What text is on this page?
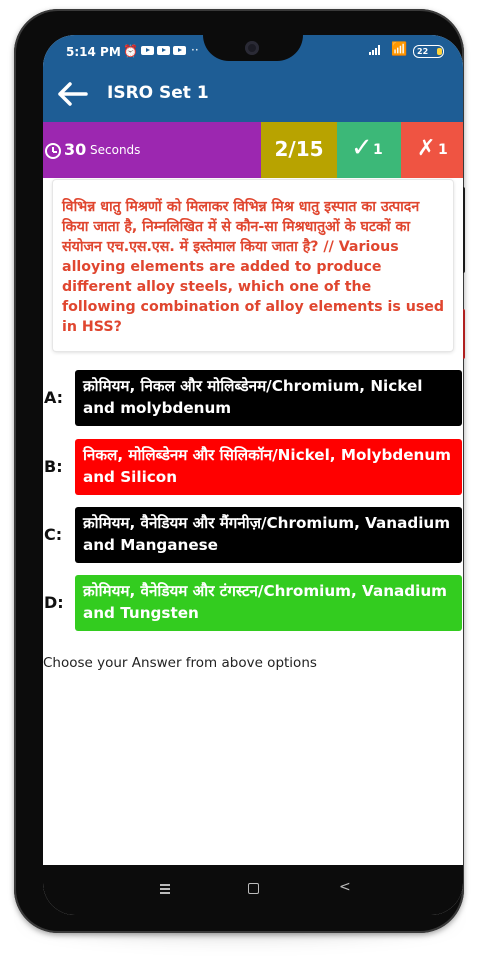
5:14 PM ⏰	··	📶	22
ISRO Set 1
30 Seconds	2/15	✓ 1 ✗ 1
विभिन्न धातु मिश्रणों को मिलाकर विभिन्न मिश्र धातु इस्पात का उत्पादन किया जाता है, निम्नलिखित में से कौन-सा मिश्रधातुओं के घटकों का संयोजन एच.एस.एस. में इस्तेमाल किया जाता है? // Various alloying elements are added to produce different alloy steels, which one of the following combination of alloy elements is used in HSS?
A:
क्रोमियम, निकल और मोलिब्डेनम/Chromium, Nickel and molybdenum
B:
निकल, मोलिब्डेनम और सिलिकॉन/Nickel, Molybdenum and Silicon
C:
क्रोमियम, वैनेडियम और मैंगनीज़/Chromium, Vanadium and Manganese
D:
क्रोमियम, वैनेडियम और टंगस्टन/Chromium, Vanadium and Tungsten
Choose your Answer from above options
<
